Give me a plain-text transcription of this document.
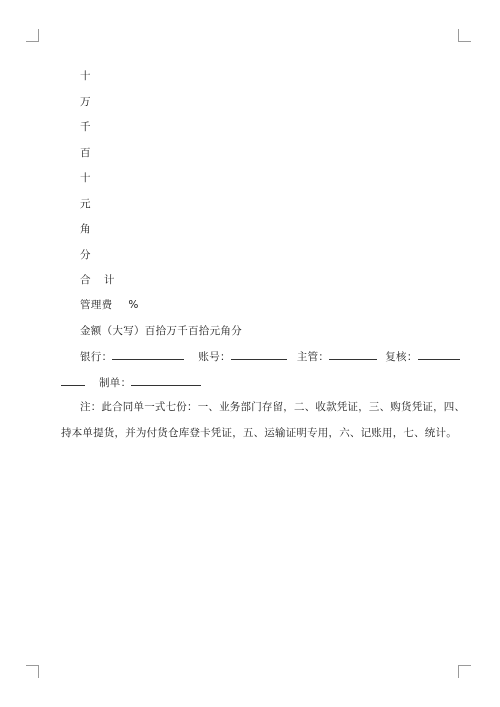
十
万
千
百
十
元
角
分
合 计
管理费 %
金额（大写）百拾万千百拾元角分
银行：	账号：	主管：	复核：
制单：
注：此合同单一式七份：一、业务部门存留，二、收款凭证，三、购货凭证，四、
持本单提货，并为付货仓库登卡凭证，五、运输证明专用，六、记账用，七、统计。
